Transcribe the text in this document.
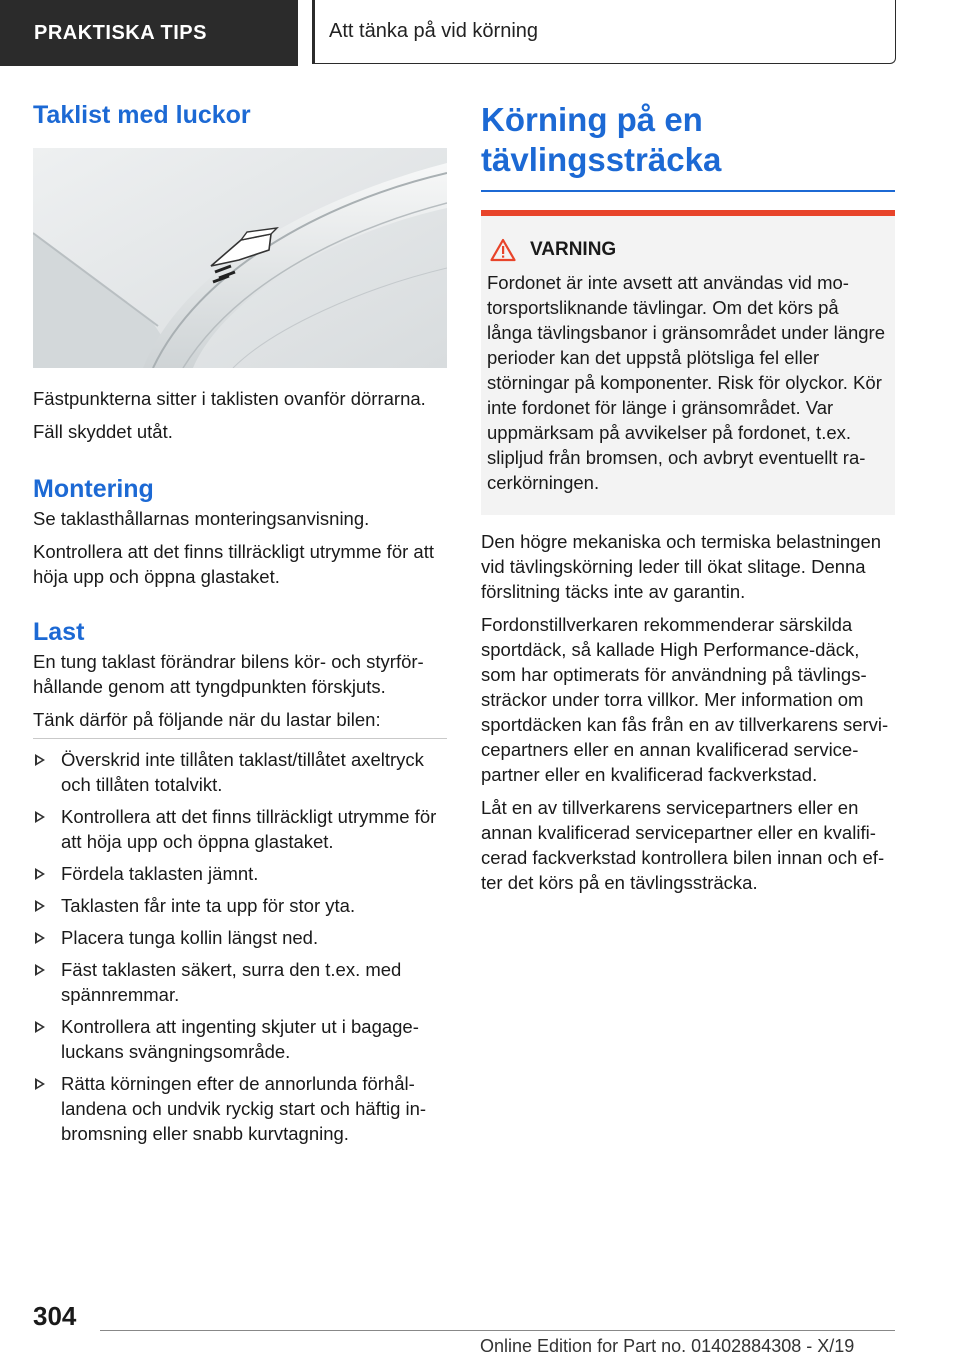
PRAKTISKA TIPS	Att tänka på vid körning
Taklist med luckor

Fästpunkterna sitter i taklisten ovanför dörrarna.

Fäll skyddet utåt.

Montering

Se taklasthållarnas monteringsanvisning.

Kontrollera att det finns tillräckligt utrymme för att höja upp och öppna glastaket.

Last

En tung taklast förändrar bilens kör- och styrför-hållande genom att tyngdpunkten förskjuts.

Tänk därför på följande när du lastar bilen:

Överskrid inte tillåten taklast/tillåtet axeltryck och tillåten totalvikt.
Kontrollera att det finns tillräckligt utrymme för att höja upp och öppna glastaket.
Fördela taklasten jämnt.
Taklasten får inte ta upp för stor yta.
Placera tunga kollin längst ned.
Fäst taklasten säkert, surra den t.ex. med spännremmar.
Kontrollera att ingenting skjuter ut i bagage-luckans svängningsområde.
Rätta körningen efter de annorlunda förhål-landena och undvik ryckig start och häftig in-bromsning eller snabb kurvtagning.
Körning på en
tävlingssträcka
VARNING

Fordonet är inte avsett att användas vid mo-torsportsliknande tävlingar. Om det körs på långa tävlingsbanor i gränsområdet under längre perioder kan det uppstå plötsliga fel eller störningar på komponenter. Risk för olyckor. Kör inte fordonet för länge i gränsområdet. Var uppmärksam på avvikelser på fordonet, t.ex. slipljud från bromsen, och avbryt eventuellt ra-cerkörningen.

Den högre mekaniska och termiska belastningen vid tävlingskörning leder till ökat slitage. Denna förslitning täcks inte av garantin.

Fordonstillverkaren rekommenderar särskilda sportdäck, så kallade High Performance-däck, som har optimerats för användning på tävlings-sträckor under torra villkor. Mer information om sportdäcken kan fås från en av tillverkarens servi-cepartners eller en annan kvalificerad service-partner eller en kvalificerad fackverkstad.

Låt en av tillverkarens servicepartners eller en annan kvalificerad servicepartner eller en kvalifi-cerad fackverkstad kontrollera bilen innan och ef-ter det körs på en tävlingssträcka.

304
Online Edition for Part no. 01402884308 - X/19
